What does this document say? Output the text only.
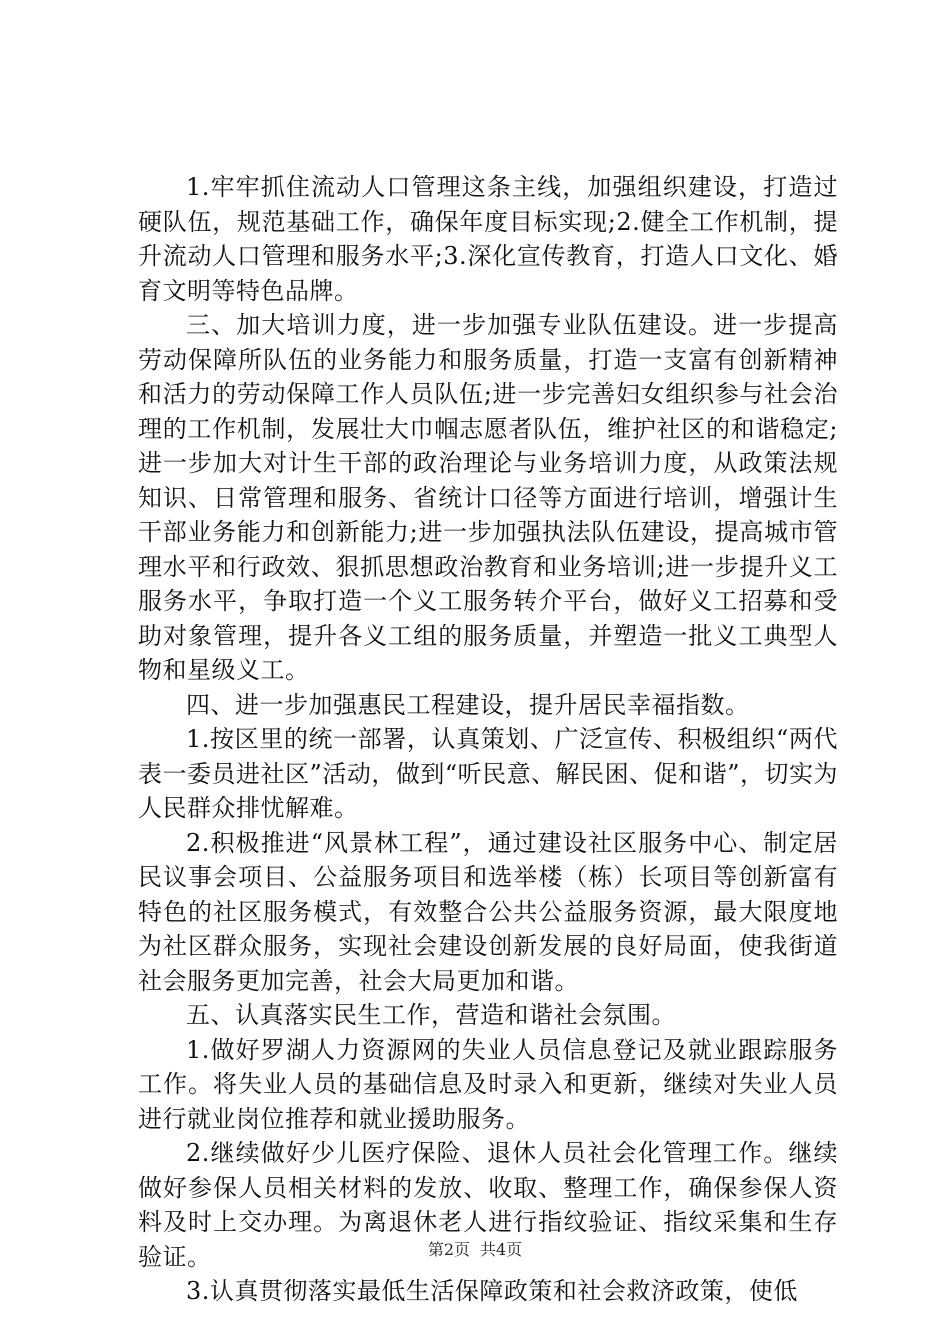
1.牢牢抓住流动人口管理这条主线，加强组织建设，打造过硬队伍，规范基础工作，确保年度目标实现;2.健全工作机制，提升流动人口管理和服务水平;3.深化宣传教育，打造人口文化、婚育文明等特色品牌。

三、加大培训力度，进一步加强专业队伍建设。进一步提高劳动保障所队伍的业务能力和服务质量，打造一支富有创新精神和活力的劳动保障工作人员队伍;进一步完善妇女组织参与社会治理的工作机制，发展壮大巾帼志愿者队伍，维护社区的和谐稳定;进一步加大对计生干部的政治理论与业务培训力度，从政策法规知识、日常管理和服务、省统计口径等方面进行培训，增强计生干部业务能力和创新能力;进一步加强执法队伍建设，提高城市管理水平和行政效、狠抓思想政治教育和业务培训;进一步提升义工服务水平，争取打造一个义工服务转介平台，做好义工招募和受助对象管理，提升各义工组的服务质量，并塑造一批义工典型人物和星级义工。

四、进一步加强惠民工程建设，提升居民幸福指数。

1.按区里的统一部署，认真策划、广泛宣传、积极组织“两代表一委员进社区”活动，做到“听民意、解民困、促和谐”，切实为人民群众排忧解难。

2.积极推进“风景林工程”，通过建设社区服务中心、制定居民议事会项目、公益服务项目和选举楼（栋）长项目等创新富有特色的社区服务模式，有效整合公共公益服务资源，最大限度地为社区群众服务，实现社会建设创新发展的良好局面，使我街道社会服务更加完善，社会大局更加和谐。

五、认真落实民生工作，营造和谐社会氛围。

1.做好罗湖人力资源网的失业人员信息登记及就业跟踪服务工作。将失业人员的基础信息及时录入和更新，继续对失业人员进行就业岗位推荐和就业援助服务。

2.继续做好少儿医疗保险、退休人员社会化管理工作。继续做好参保人员相关材料的发放、收取、整理工作，确保参保人资料及时上交办理。为离退休老人进行指纹验证、指纹采集和生存验证。

3.认真贯彻落实最低生活保障政策和社会救济政策，使低

第2页 共4页
